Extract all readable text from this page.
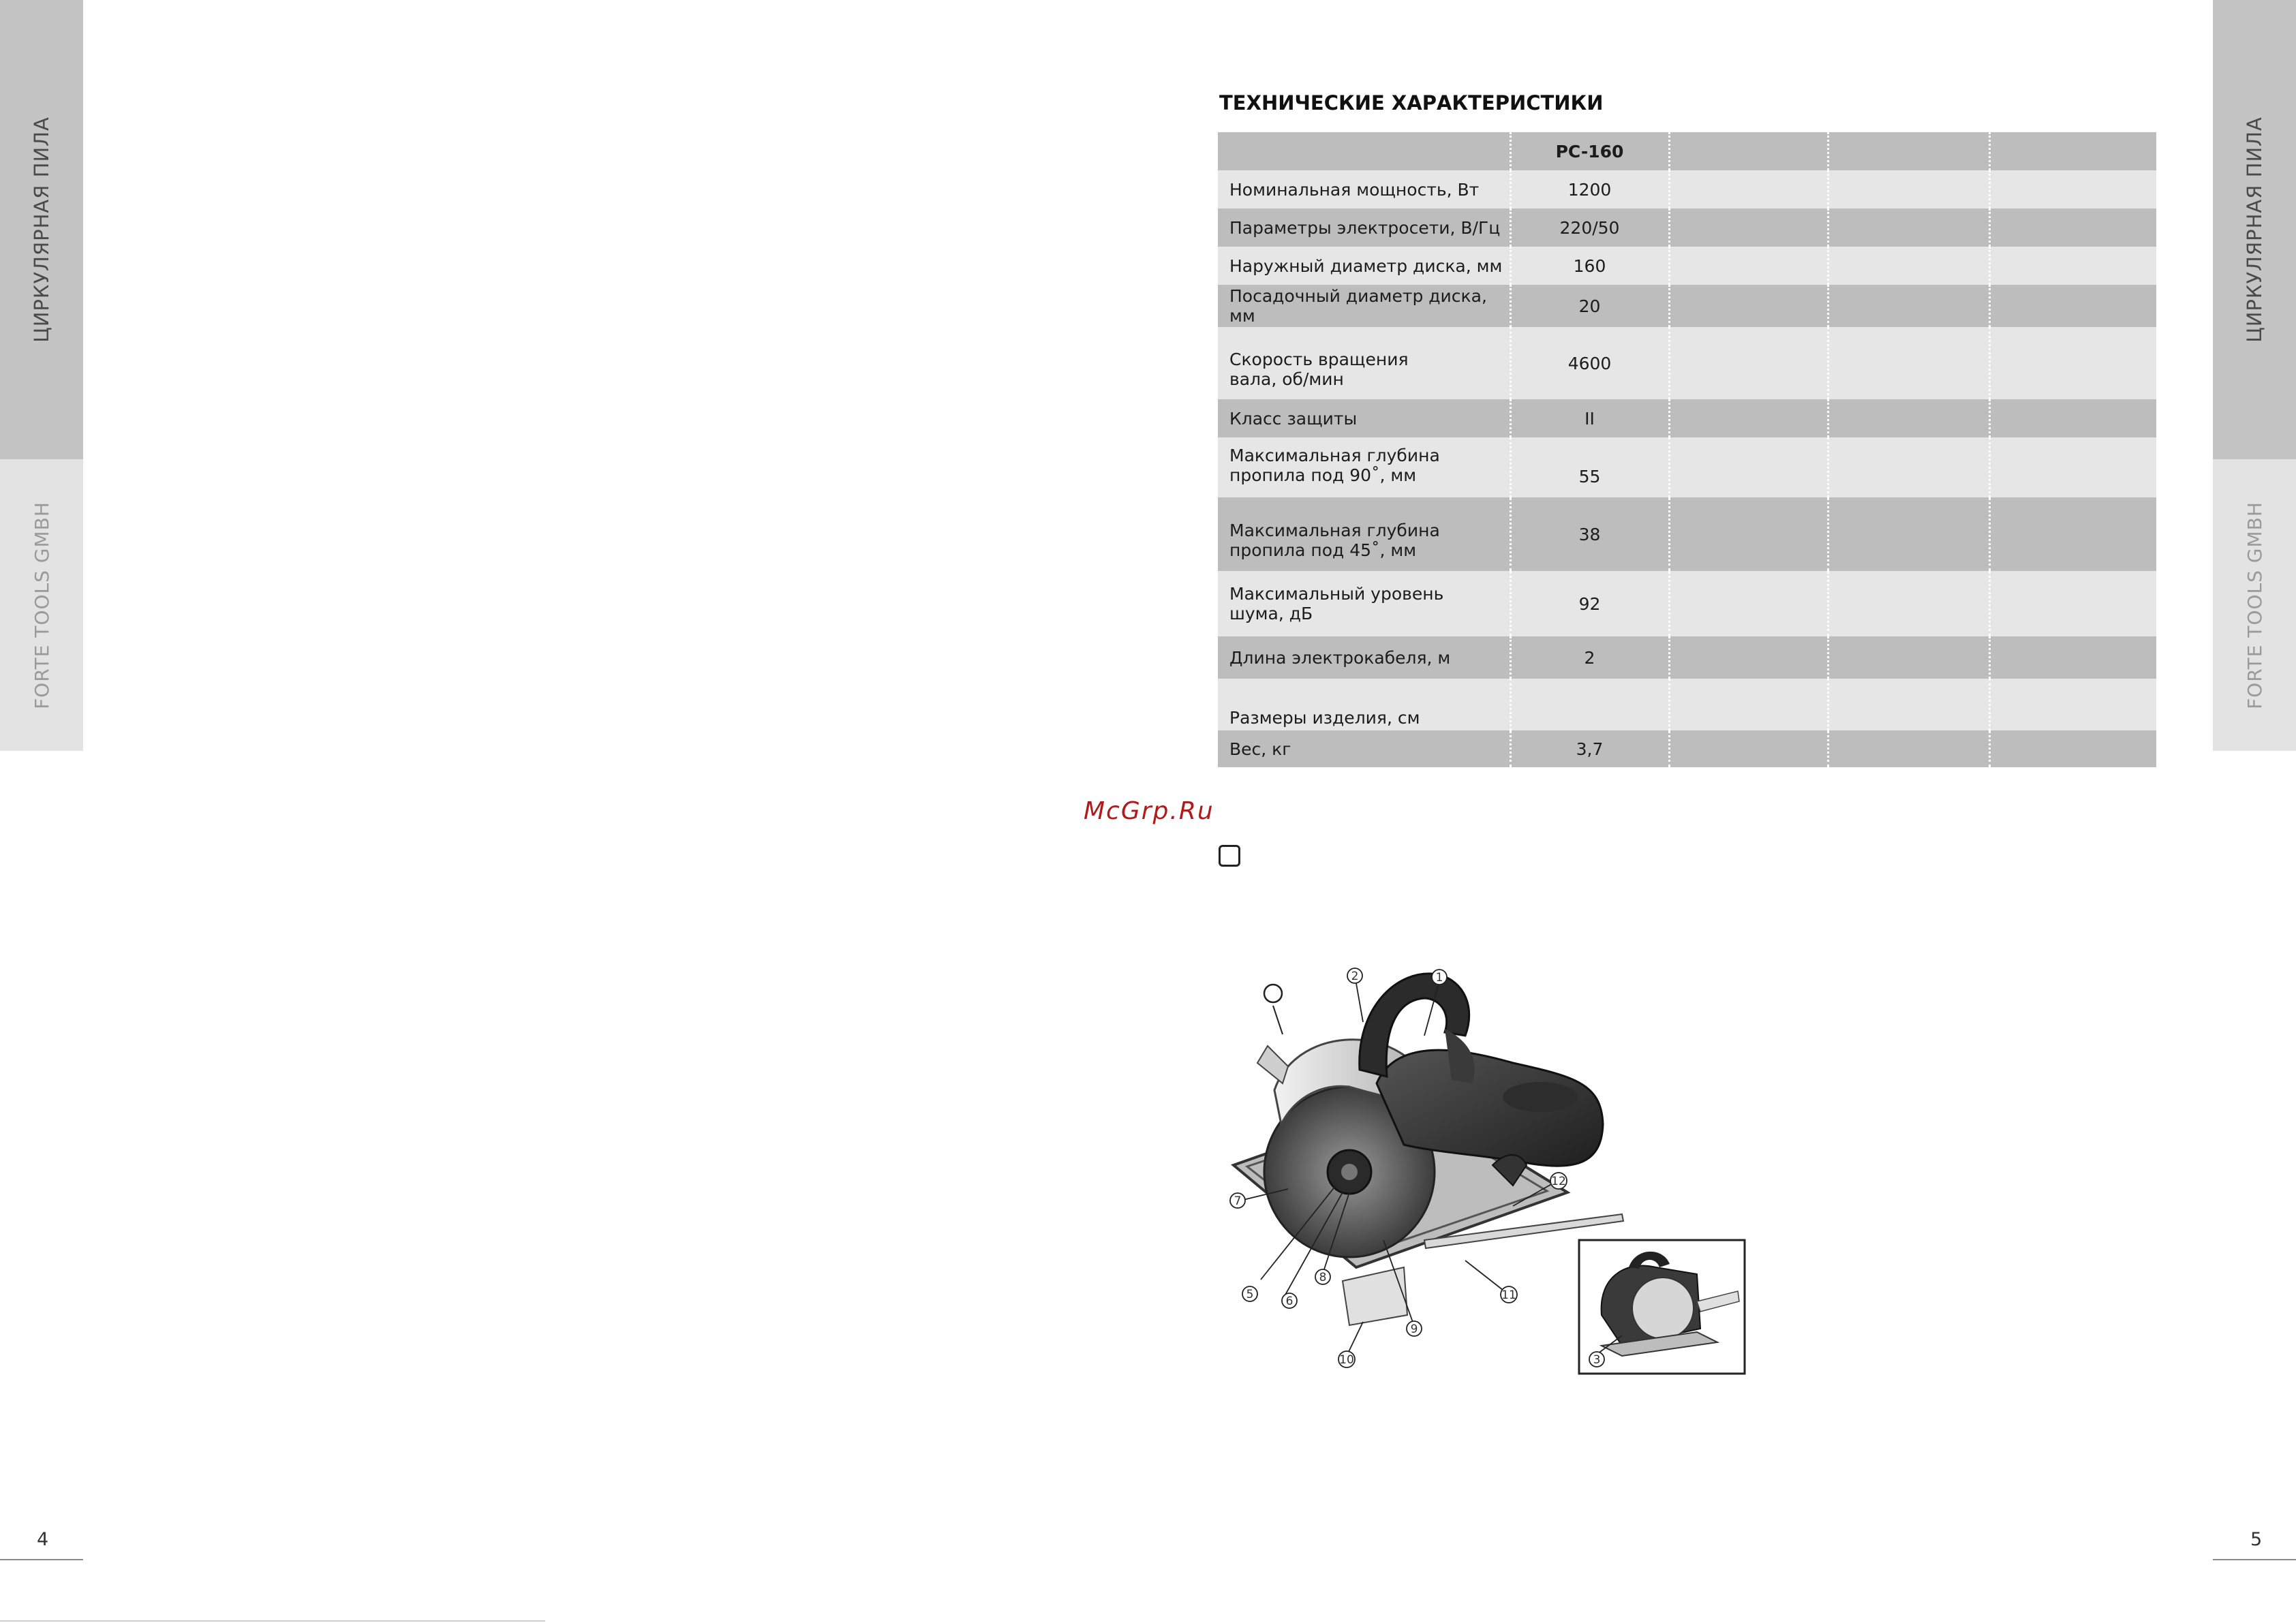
ЦИРКУЛЯРНАЯ ПИЛА
FORTE TOOLS GMBH
ЦИРКУЛЯРНАЯ ПИЛА
FORTE TOOLS GMBH
4	5
ТЕХНИЧЕСКИЕ ХАРАКТЕРИСТИКИ
	PC-160			

Номинальная мощность, Вт	1200			

Параметры электросети, В/Гц	220/50			

Наружный диаметр диска, мм	160			

Посадочный диаметр диска, мм	20			

Скорость вращения
вала, об/мин	4600			

Класс защиты	II			

Максимальная глубина
пропила под 90˚, мм	55			

Максимальная глубина
пропила под 45˚, мм	38			

Максимальный уровень
шума, дБ	92			

Длина электрокабеля, м	2			

Размеры изделия, см				

Вес, кг	3,7			
McGrp.Ru
1
2
12
7
5	6
8
9
10
11
3
